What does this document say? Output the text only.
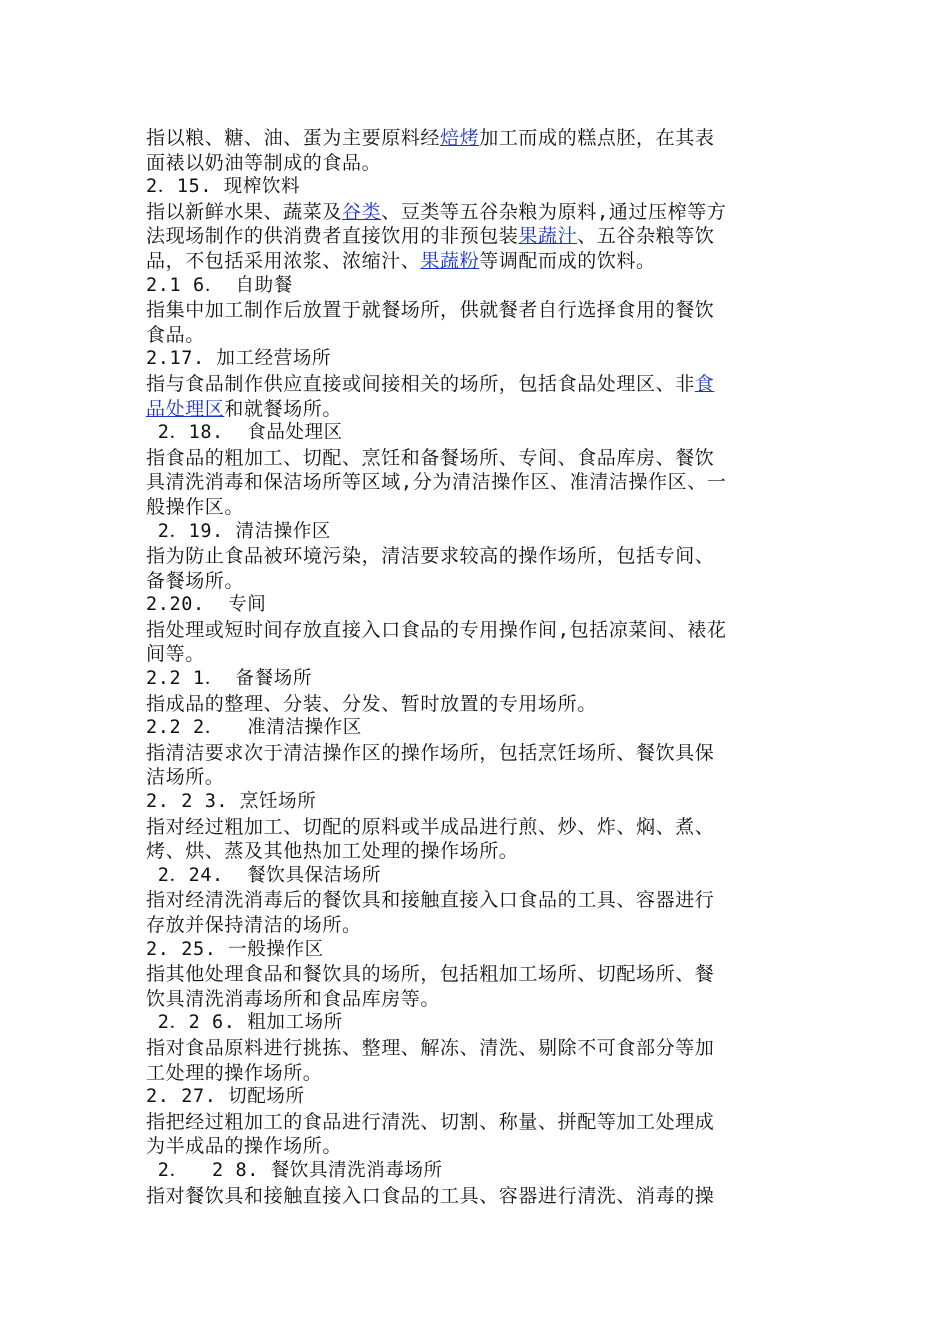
指以粮、糖、油、蛋为主要原料经焙烤加工而成的糕点胚，在其表
面裱以奶油等制成的食品。
2．15. 现榨饮料
指以新鲜水果、蔬菜及谷类、豆类等五谷杂粮为原料,通过压榨等方
法现场制作的供消费者直接饮用的非预包装果蔬汁、五谷杂粮等饮
品，不包括采用浓浆、浓缩汁、果蔬粉等调配而成的饮料。
2.1 6． 自助餐
指集中加工制作后放置于就餐场所，供就餐者自行选择食用的餐饮
食品。
2.17. 加工经营场所
指与食品制作供应直接或间接相关的场所，包括食品处理区、非食
品处理区和就餐场所。
2．18.  食品处理区
指食品的粗加工、切配、烹饪和备餐场所、专间、食品库房、餐饮
具清洗消毒和保洁场所等区域,分为清洁操作区、准清洁操作区、一
般操作区。
2．19. 清洁操作区
指为防止食品被环境污染，清洁要求较高的操作场所，包括专间、
备餐场所。
2.20.  专间
指处理或短时间存放直接入口食品的专用操作间,包括凉菜间、裱花
间等。
2.2 1． 备餐场所
指成品的整理、分装、分发、暂时放置的专用场所。
2.2 2．  准清洁操作区
指清洁要求次于清洁操作区的操作场所，包括烹饪场所、餐饮具保
洁场所。
2. 2 3. 烹饪场所
指对经过粗加工、切配的原料或半成品进行煎、炒、炸、焖、煮、
烤、烘、蒸及其他热加工处理的操作场所。
2．24.  餐饮具保洁场所
指对经清洗消毒后的餐饮具和接触直接入口食品的工具、容器进行
存放并保持清洁的场所。
2. 25. 一般操作区
指其他处理食品和餐饮具的场所，包括粗加工场所、切配场所、餐
饮具清洗消毒场所和食品库房等。
2．2 6. 粗加工场所
指对食品原料进行挑拣、整理、解冻、清洗、剔除不可食部分等加
工处理的操作场所。
2. 27. 切配场所
指把经过粗加工的食品进行清洗、切割、称量、拼配等加工处理成
为半成品的操作场所。
2．  2 8. 餐饮具清洗消毒场所
指对餐饮具和接触直接入口食品的工具、容器进行清洗、消毒的操
